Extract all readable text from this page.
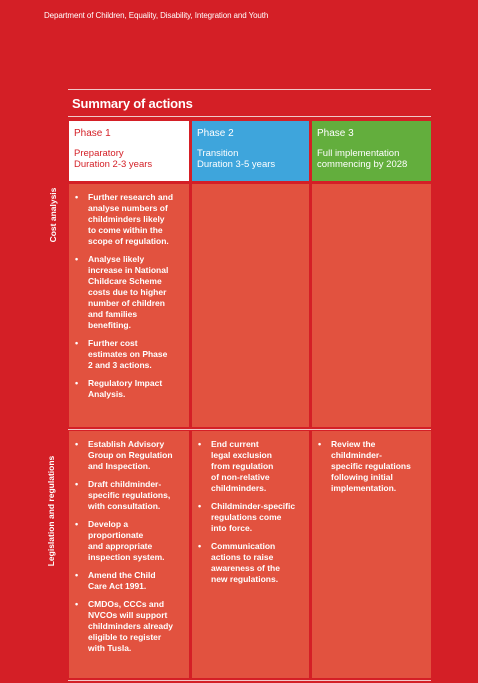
Department of Children, Equality, Disability, Integration and Youth
Summary of actions
Phase 1
Preparatory
Duration 2-3 years
Phase 2
Transition
Duration 3-5 years
Phase 3
Full implementation
commencing by 2028
Cost analysis
Legislation and regulations
• Further research and
analyse numbers of
childminders likely
to come within the
scope of regulation.
• Analyse likely
increase in National
Childcare Scheme
costs due to higher
number of children
and families
benefiting.
• Further cost
estimates on Phase
2 and 3 actions.
• Regulatory Impact
Analysis.
• Establish Advisory
Group on Regulation
and Inspection.
• Draft childminder-
specific regulations,
with consultation.
• Develop a
proportionate
and appropriate
inspection system.
• Amend the Child
Care Act 1991.
• CMDOs, CCCs and
NVCOs will support
childminders already
eligible to register
with Tusla.
• End current
legal exclusion
from regulation
of non-relative
childminders.
• Childminder-specific
regulations come
into force.
• Communication
actions to raise
awareness of the
new regulations.
• Review the
childminder-
specific regulations
following initial
implementation.
